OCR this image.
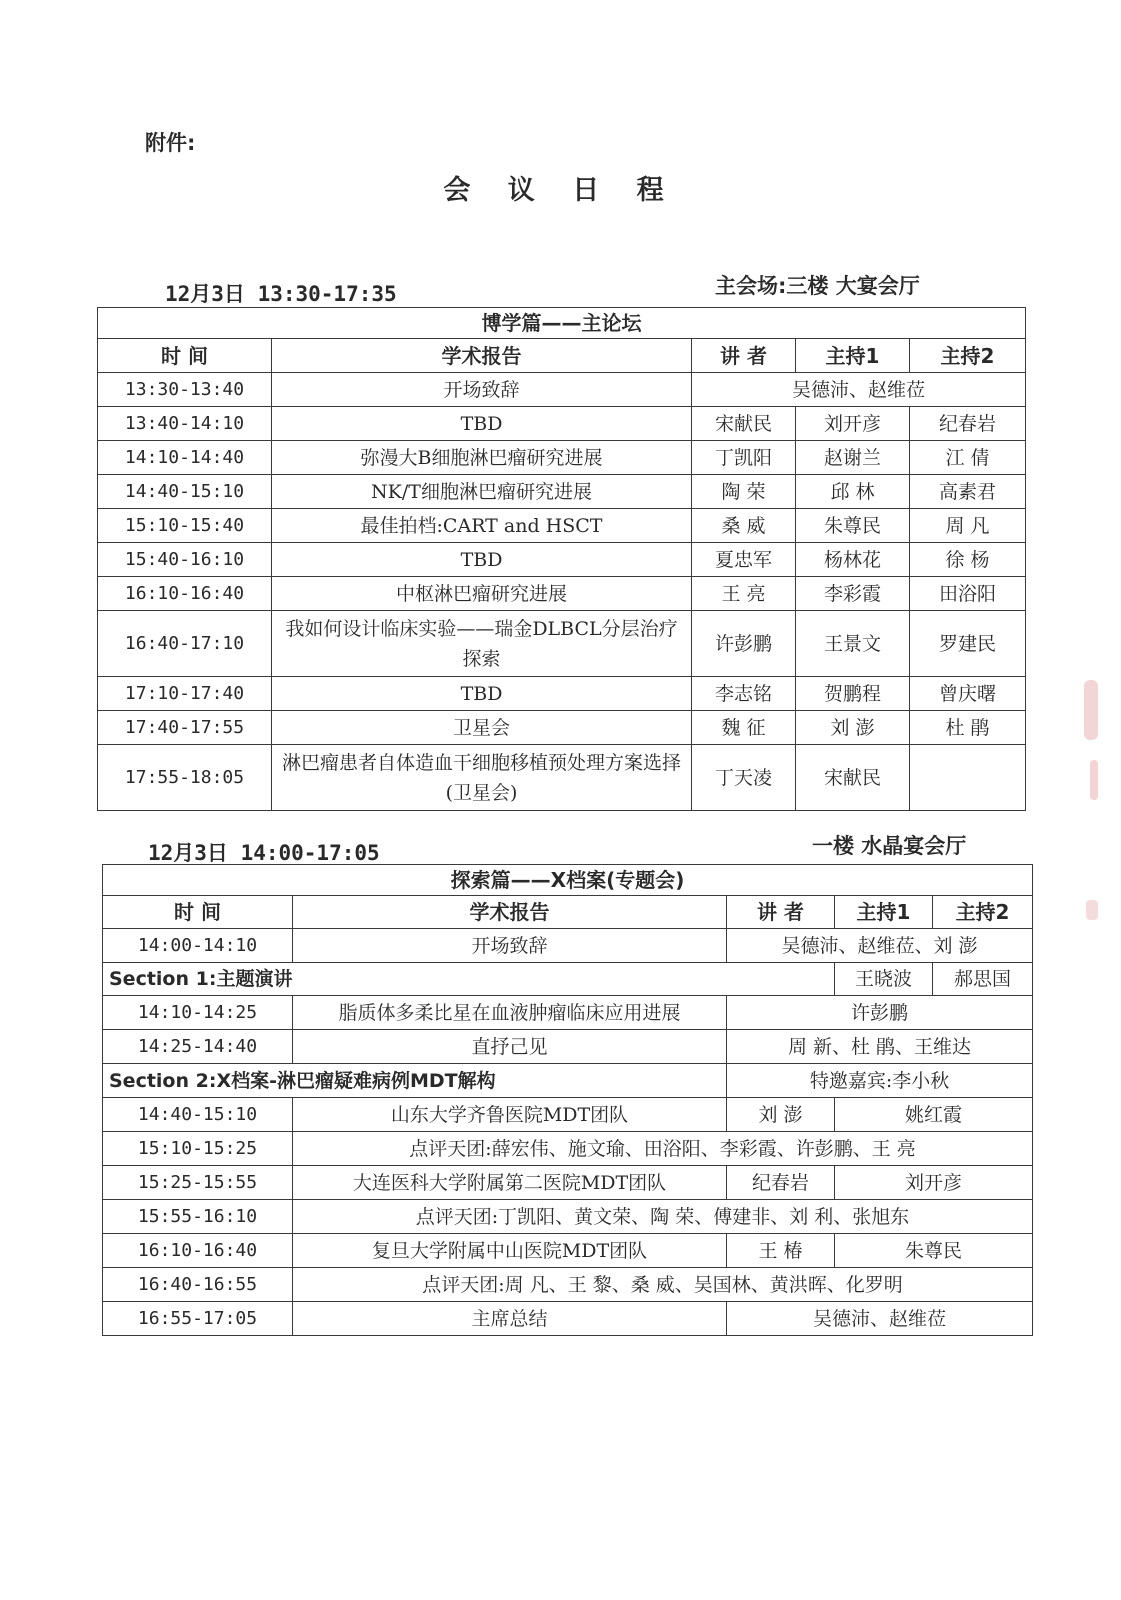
附件:
会 议 日 程
12月3日 13:30-17:35	主会场:三楼 大宴会厅
博学篇——主论坛				
时 间	学术报告	讲 者	主持1	主持2
13:30-13:40	开场致辞	吴德沛、赵维莅		
13:40-14:10	TBD	宋献民	刘开彦	纪春岩
14:10-14:40	弥漫大B细胞淋巴瘤研究进展	丁凯阳	赵谢兰	江 倩
14:40-15:10	NK/T细胞淋巴瘤研究进展	陶 荣	邱 林	高素君
15:10-15:40	最佳拍档:CART and HSCT	桑 威	朱尊民	周 凡
15:40-16:10	TBD	夏忠军	杨林花	徐 杨
16:10-16:40	中枢淋巴瘤研究进展	王 亮	李彩霞	田浴阳
16:40-17:10	我如何设计临床实验——瑞金DLBCL分层治疗探索	许彭鹏	王景文	罗建民
17:10-17:40	TBD	李志铭	贺鹏程	曾庆曙
17:40-17:55	卫星会	魏 征	刘 澎	杜 鹃
17:55-18:05	淋巴瘤患者自体造血干细胞移植预处理方案选择(卫星会)	丁天凌	宋献民	
12月3日 14:00-17:05	一楼 水晶宴会厅
探索篇——X档案(专题会)				
时 间	学术报告	讲 者	主持1	主持2
14:00-14:10	开场致辞	吴德沛、赵维莅、刘 澎		
Section 1:主题演讲			王晓波	郝思国
14:10-14:25	脂质体多柔比星在血液肿瘤临床应用进展	许彭鹏		
14:25-14:40	直抒己见	周 新、杜 鹃、王维达		
Section 2:X档案-淋巴瘤疑难病例MDT解构		特邀嘉宾:李小秋		
14:40-15:10	山东大学齐鲁医院MDT团队	刘 澎	姚红霞	
15:10-15:25	点评天团:薛宏伟、施文瑜、田浴阳、李彩霞、许彭鹏、王 亮			
15:25-15:55	大连医科大学附属第二医院MDT团队	纪春岩	刘开彦	
15:55-16:10	点评天团:丁凯阳、黄文荣、陶 荣、傅建非、刘 利、张旭东			
16:10-16:40	复旦大学附属中山医院MDT团队	王 椿	朱尊民	
16:40-16:55	点评天团:周 凡、王 黎、桑 威、吴国林、黄洪晖、化罗明			
16:55-17:05	主席总结	吴德沛、赵维莅		
